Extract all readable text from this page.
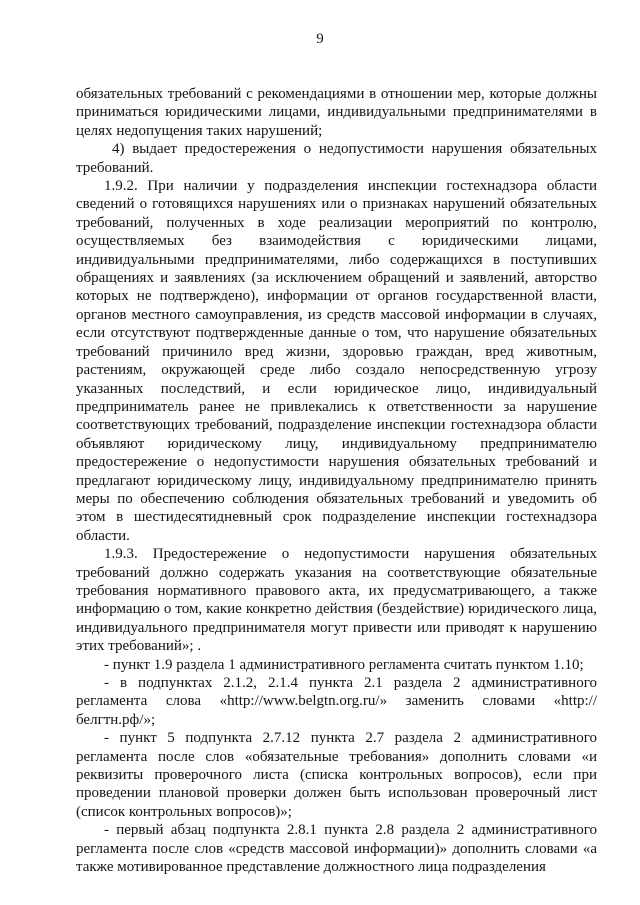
9

обязательных требований с рекомендациями в отношении мер, которые должны приниматься юридическими лицами, индивидуальными предпринимателями в целях недопущения таких нарушений;

4) выдает предостережения о недопустимости нарушения обязательных требований.

1.9.2. При наличии у подразделения инспекции гостехнадзора области сведений о готовящихся нарушениях или о признаках нарушений обязательных требований, полученных в ходе реализации мероприятий по контролю, осуществляемых без взаимодействия с юридическими лицами, индивидуальными предпринимателями, либо содержащихся в поступивших обращениях и заявлениях (за исключением обращений и заявлений, авторство которых не подтверждено), информации от органов государственной власти, органов местного самоуправления, из средств массовой информации в случаях, если отсутствуют подтвержденные данные о том, что нарушение обязательных требований причинило вред жизни, здоровью граждан, вред животным, растениям, окружающей среде либо создало непосредственную угрозу указанных последствий, и если юридическое лицо, индивидуальный предприниматель ранее не привлекались к ответственности за нарушение соответствующих требований, подразделение инспекции гостехнадзора области объявляют юридическому лицу, индивидуальному предпринимателю предостережение о недопустимости нарушения обязательных требований и предлагают юридическому лицу, индивидуальному предпринимателю принять меры по обеспечению соблюдения обязательных требований и уведомить об этом в шестидесятидневный срок подразделение инспекции гостехнадзора области.

1.9.3. Предостережение о недопустимости нарушения обязательных требований должно содержать указания на соответствующие обязательные требования нормативного правового акта, их предусматривающего, а также информацию о том, какие конкретно действия (бездействие) юридического лица, индивидуального предпринимателя могут привести или приводят к нарушению этих требований»; .

- пункт 1.9 раздела 1 административного регламента считать пунктом 1.10;

- в подпунктах 2.1.2, 2.1.4 пункта 2.1 раздела 2 административного регламента слова «http://www.belgtn.org.ru/» заменить словами «http://белгтн.рф/»;

- пункт 5 подпункта 2.7.12 пункта 2.7 раздела 2 административного регламента после слов «обязательные требования» дополнить словами «и реквизиты проверочного листа (списка контрольных вопросов), если при проведении плановой проверки должен быть использован проверочный лист (список контрольных вопросов)»;

- первый абзац подпункта 2.8.1 пункта 2.8 раздела 2 административного регламента после слов «средств массовой информации)» дополнить словами «а также мотивированное представление должностного лица подразделения
